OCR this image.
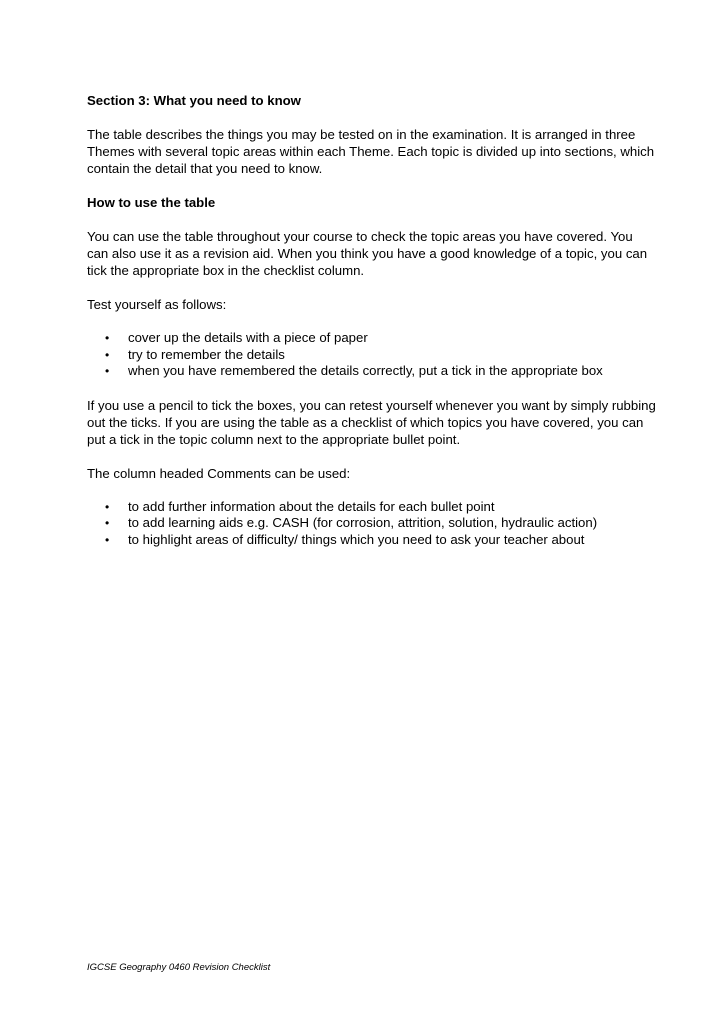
Section 3: What you need to know

The table describes the things you may be tested on in the examination. It is arranged in three Themes with several topic areas within each Theme. Each topic is divided up into sections, which contain the detail that you need to know.

How to use the table

You can use the table throughout your course to check the topic areas you have covered. You can also use it as a revision aid. When you think you have a good knowledge of a topic, you can tick the appropriate box in the checklist column.

Test yourself as follows:

• cover up the details with a piece of paper
• try to remember the details
• when you have remembered the details correctly, put a tick in the appropriate box

If you use a pencil to tick the boxes, you can retest yourself whenever you want by simply rubbing out the ticks. If you are using the table as a checklist of which topics you have covered, you can put a tick in the topic column next to the appropriate bullet point.

The column headed Comments can be used:

• to add further information about the details for each bullet point
• to add learning aids e.g. CASH (for corrosion, attrition, solution, hydraulic action)
• to highlight areas of difficulty/ things which you need to ask your teacher about
IGCSE Geography 0460 Revision Checklist
